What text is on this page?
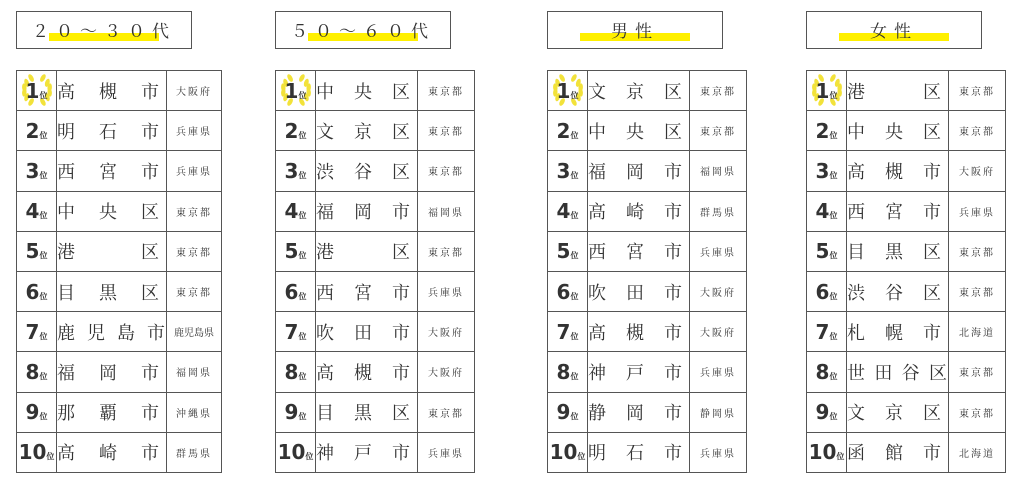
２０～３０代
1位	高槻市	大阪府
2位	明石市	兵庫県
3位	西宮市	兵庫県
4位	中央区	東京都
5位	港区	東京都
6位	目黒区	東京都
7位	鹿児島市	鹿児島県
8位	福岡市	福岡県
9位	那覇市	沖縄県
10位	高崎市	群馬県
５０～６０代
1位	中央区	東京都
2位	文京区	東京都
3位	渋谷区	東京都
4位	福岡市	福岡県
5位	港区	東京都
6位	西宮市	兵庫県
7位	吹田市	大阪府
8位	高槻市	大阪府
9位	目黒区	東京都
10位	神戸市	兵庫県
男性
1位	文京区	東京都
2位	中央区	東京都
3位	福岡市	福岡県
4位	高崎市	群馬県
5位	西宮市	兵庫県
6位	吹田市	大阪府
7位	高槻市	大阪府
8位	神戸市	兵庫県
9位	静岡市	静岡県
10位	明石市	兵庫県
女性
1位	港区	東京都
2位	中央区	東京都
3位	高槻市	大阪府
4位	西宮市	兵庫県
5位	目黒区	東京都
6位	渋谷区	東京都
7位	札幌市	北海道
8位	世田谷区	東京都
9位	文京区	東京都
10位	函館市	北海道
